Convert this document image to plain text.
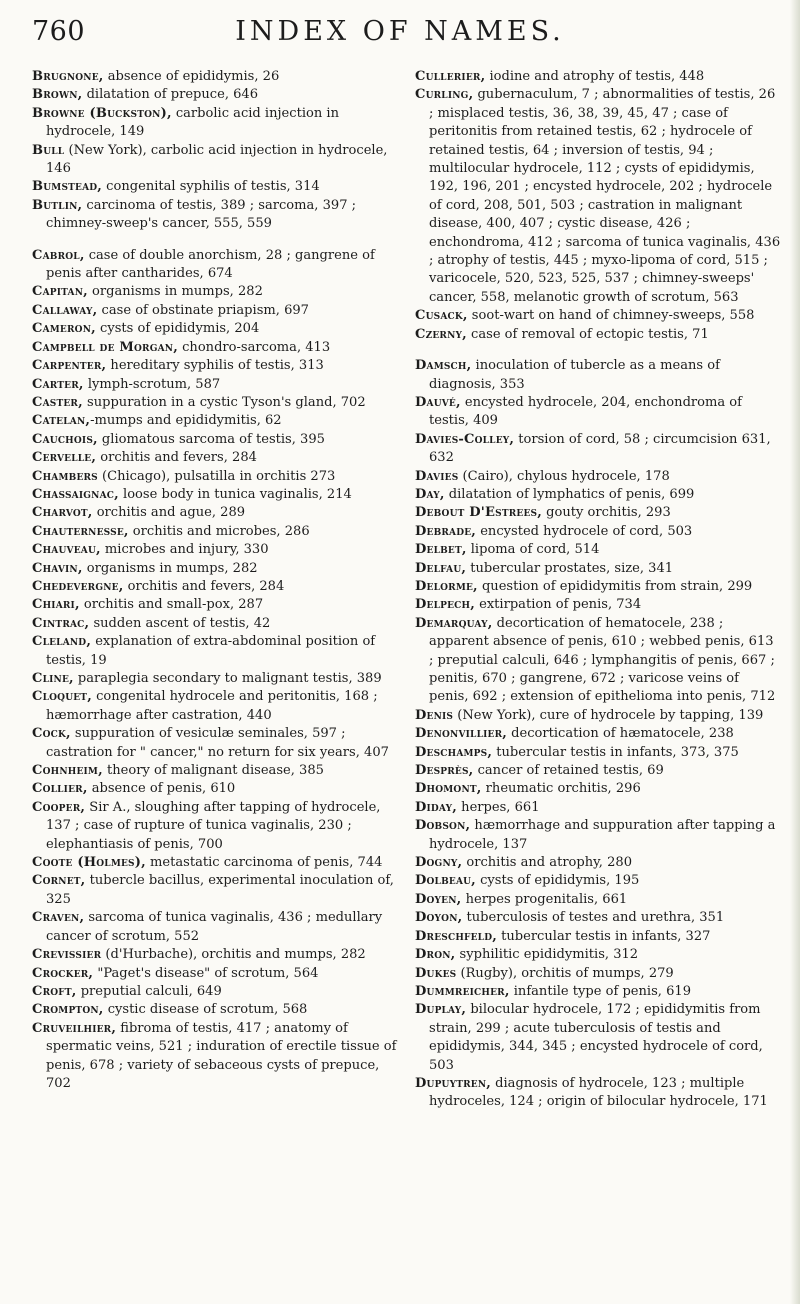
760	INDEX OF NAMES.

Brugnone, absence of epididymis, 26

Brown, dilatation of prepuce, 646

Browne (Buckston), carbolic acid injection in hydrocele, 149

Bull (New York), carbolic acid injection in hydrocele, 146

Bumstead, congenital syphilis of testis, 314

Butlin, carcinoma of testis, 389 ; sarcoma, 397 ; chimney-sweep's cancer, 555, 559

Cabrol, case of double anorchism, 28 ; gangrene of penis after cantharides, 674

Capitan, organisms in mumps, 282

Callaway, case of obstinate priapism, 697

Cameron, cysts of epididymis, 204

Campbell de Morgan, chondro-sarcoma, 413

Carpenter, hereditary syphilis of testis, 313

Carter, lymph-scrotum, 587

Caster, suppuration in a cystic Tyson's gland, 702

Catelan,-mumps and epididymitis, 62

Cauchois, gliomatous sarcoma of testis, 395

Cervelle, orchitis and fevers, 284

Chambers (Chicago), pulsatilla in orchitis 273

Chassaignac, loose body in tunica vaginalis, 214

Charvot, orchitis and ague, 289

Chauternesse, orchitis and microbes, 286

Chauveau, microbes and injury, 330

Chavin, organisms in mumps, 282

Chedevergne, orchitis and fevers, 284

Chiari, orchitis and small-pox, 287

Cintrac, sudden ascent of testis, 42

Cleland, explanation of extra-abdominal position of testis, 19

Cline, paraplegia secondary to malignant testis, 389

Cloquet, congenital hydrocele and peritonitis, 168 ; hæmorrhage after castration, 440

Cock, suppuration of vesiculæ seminales, 597 ; castration for " cancer," no return for six years, 407

Cohnheim, theory of malignant disease, 385

Collier, absence of penis, 610

Cooper, Sir A., sloughing after tapping of hydrocele, 137 ; case of rupture of tunica vaginalis, 230 ; elephantiasis of penis, 700

Coote (Holmes), metastatic carcinoma of penis, 744

Cornet, tubercle bacillus, experimental inoculation of, 325

Craven, sarcoma of tunica vaginalis, 436 ; medullary cancer of scrotum, 552

Crevissier (d'Hurbache), orchitis and mumps, 282

Crocker, "Paget's disease" of scrotum, 564

Croft, preputial calculi, 649

Crompton, cystic disease of scrotum, 568

Cruveilhier, fibroma of testis, 417 ; anatomy of spermatic veins, 521 ; induration of erectile tissue of penis, 678 ; variety of sebaceous cysts of prepuce, 702

Cullerier, iodine and atrophy of testis, 448

Curling, gubernaculum, 7 ; abnormalities of testis, 26 ; misplaced testis, 36, 38, 39, 45, 47 ; case of peritonitis from retained testis, 62 ; hydrocele of retained testis, 64 ; inversion of testis, 94 ; multilocular hydrocele, 112 ; cysts of epididymis, 192, 196, 201 ; encysted hydrocele, 202 ; hydrocele of cord, 208, 501, 503 ; castration in malignant disease, 400, 407 ; cystic disease, 426 ; enchondroma, 412 ; sarcoma of tunica vaginalis, 436 ; atrophy of testis, 445 ; myxo-lipoma of cord, 515 ; varicocele, 520, 523, 525, 537 ; chimney-sweeps' cancer, 558, melanotic growth of scrotum, 563

Cusack, soot-wart on hand of chimney-sweeps, 558

Czerny, case of removal of ectopic testis, 71

Damsch, inoculation of tubercle as a means of diagnosis, 353

Dauvé, encysted hydrocele, 204, enchondroma of testis, 409

Davies-Colley, torsion of cord, 58 ; circumcision 631, 632

Davies (Cairo), chylous hydrocele, 178

Day, dilatation of lymphatics of penis, 699

Debout D'Estrees, gouty orchitis, 293

Debrade, encysted hydrocele of cord, 503

Delbet, lipoma of cord, 514

Delfau, tubercular prostates, size, 341

Delorme, question of epididymitis from strain, 299

Delpech, extirpation of penis, 734

Demarquay, decortication of hematocele, 238 ; apparent absence of penis, 610 ; webbed penis, 613 ; preputial calculi, 646 ; lymphangitis of penis, 667 ; penitis, 670 ; gangrene, 672 ; varicose veins of penis, 692 ; extension of epithelioma into penis, 712

Denis (New York), cure of hydrocele by tapping, 139

Denonvillier, decortication of hæmatocele, 238

Deschamps, tubercular testis in infants, 373, 375

Desprès, cancer of retained testis, 69

Dhomont, rheumatic orchitis, 296

Diday, herpes, 661

Dobson, hæmorrhage and suppuration after tapping a hydrocele, 137

Dogny, orchitis and atrophy, 280

Dolbeau, cysts of epididymis, 195

Doyen, herpes progenitalis, 661

Doyon, tuberculosis of testes and urethra, 351

Dreschfeld, tubercular testis in infants, 327

Dron, syphilitic epididymitis, 312

Dukes (Rugby), orchitis of mumps, 279

Dummreicher, infantile type of penis, 619

Duplay, bilocular hydrocele, 172 ; epididymitis from strain, 299 ; acute tuberculosis of testis and epididymis, 344, 345 ; encysted hydrocele of cord, 503

Dupuytren, diagnosis of hydrocele, 123 ; multiple hydroceles, 124 ; origin of bilocular hydrocele, 171
